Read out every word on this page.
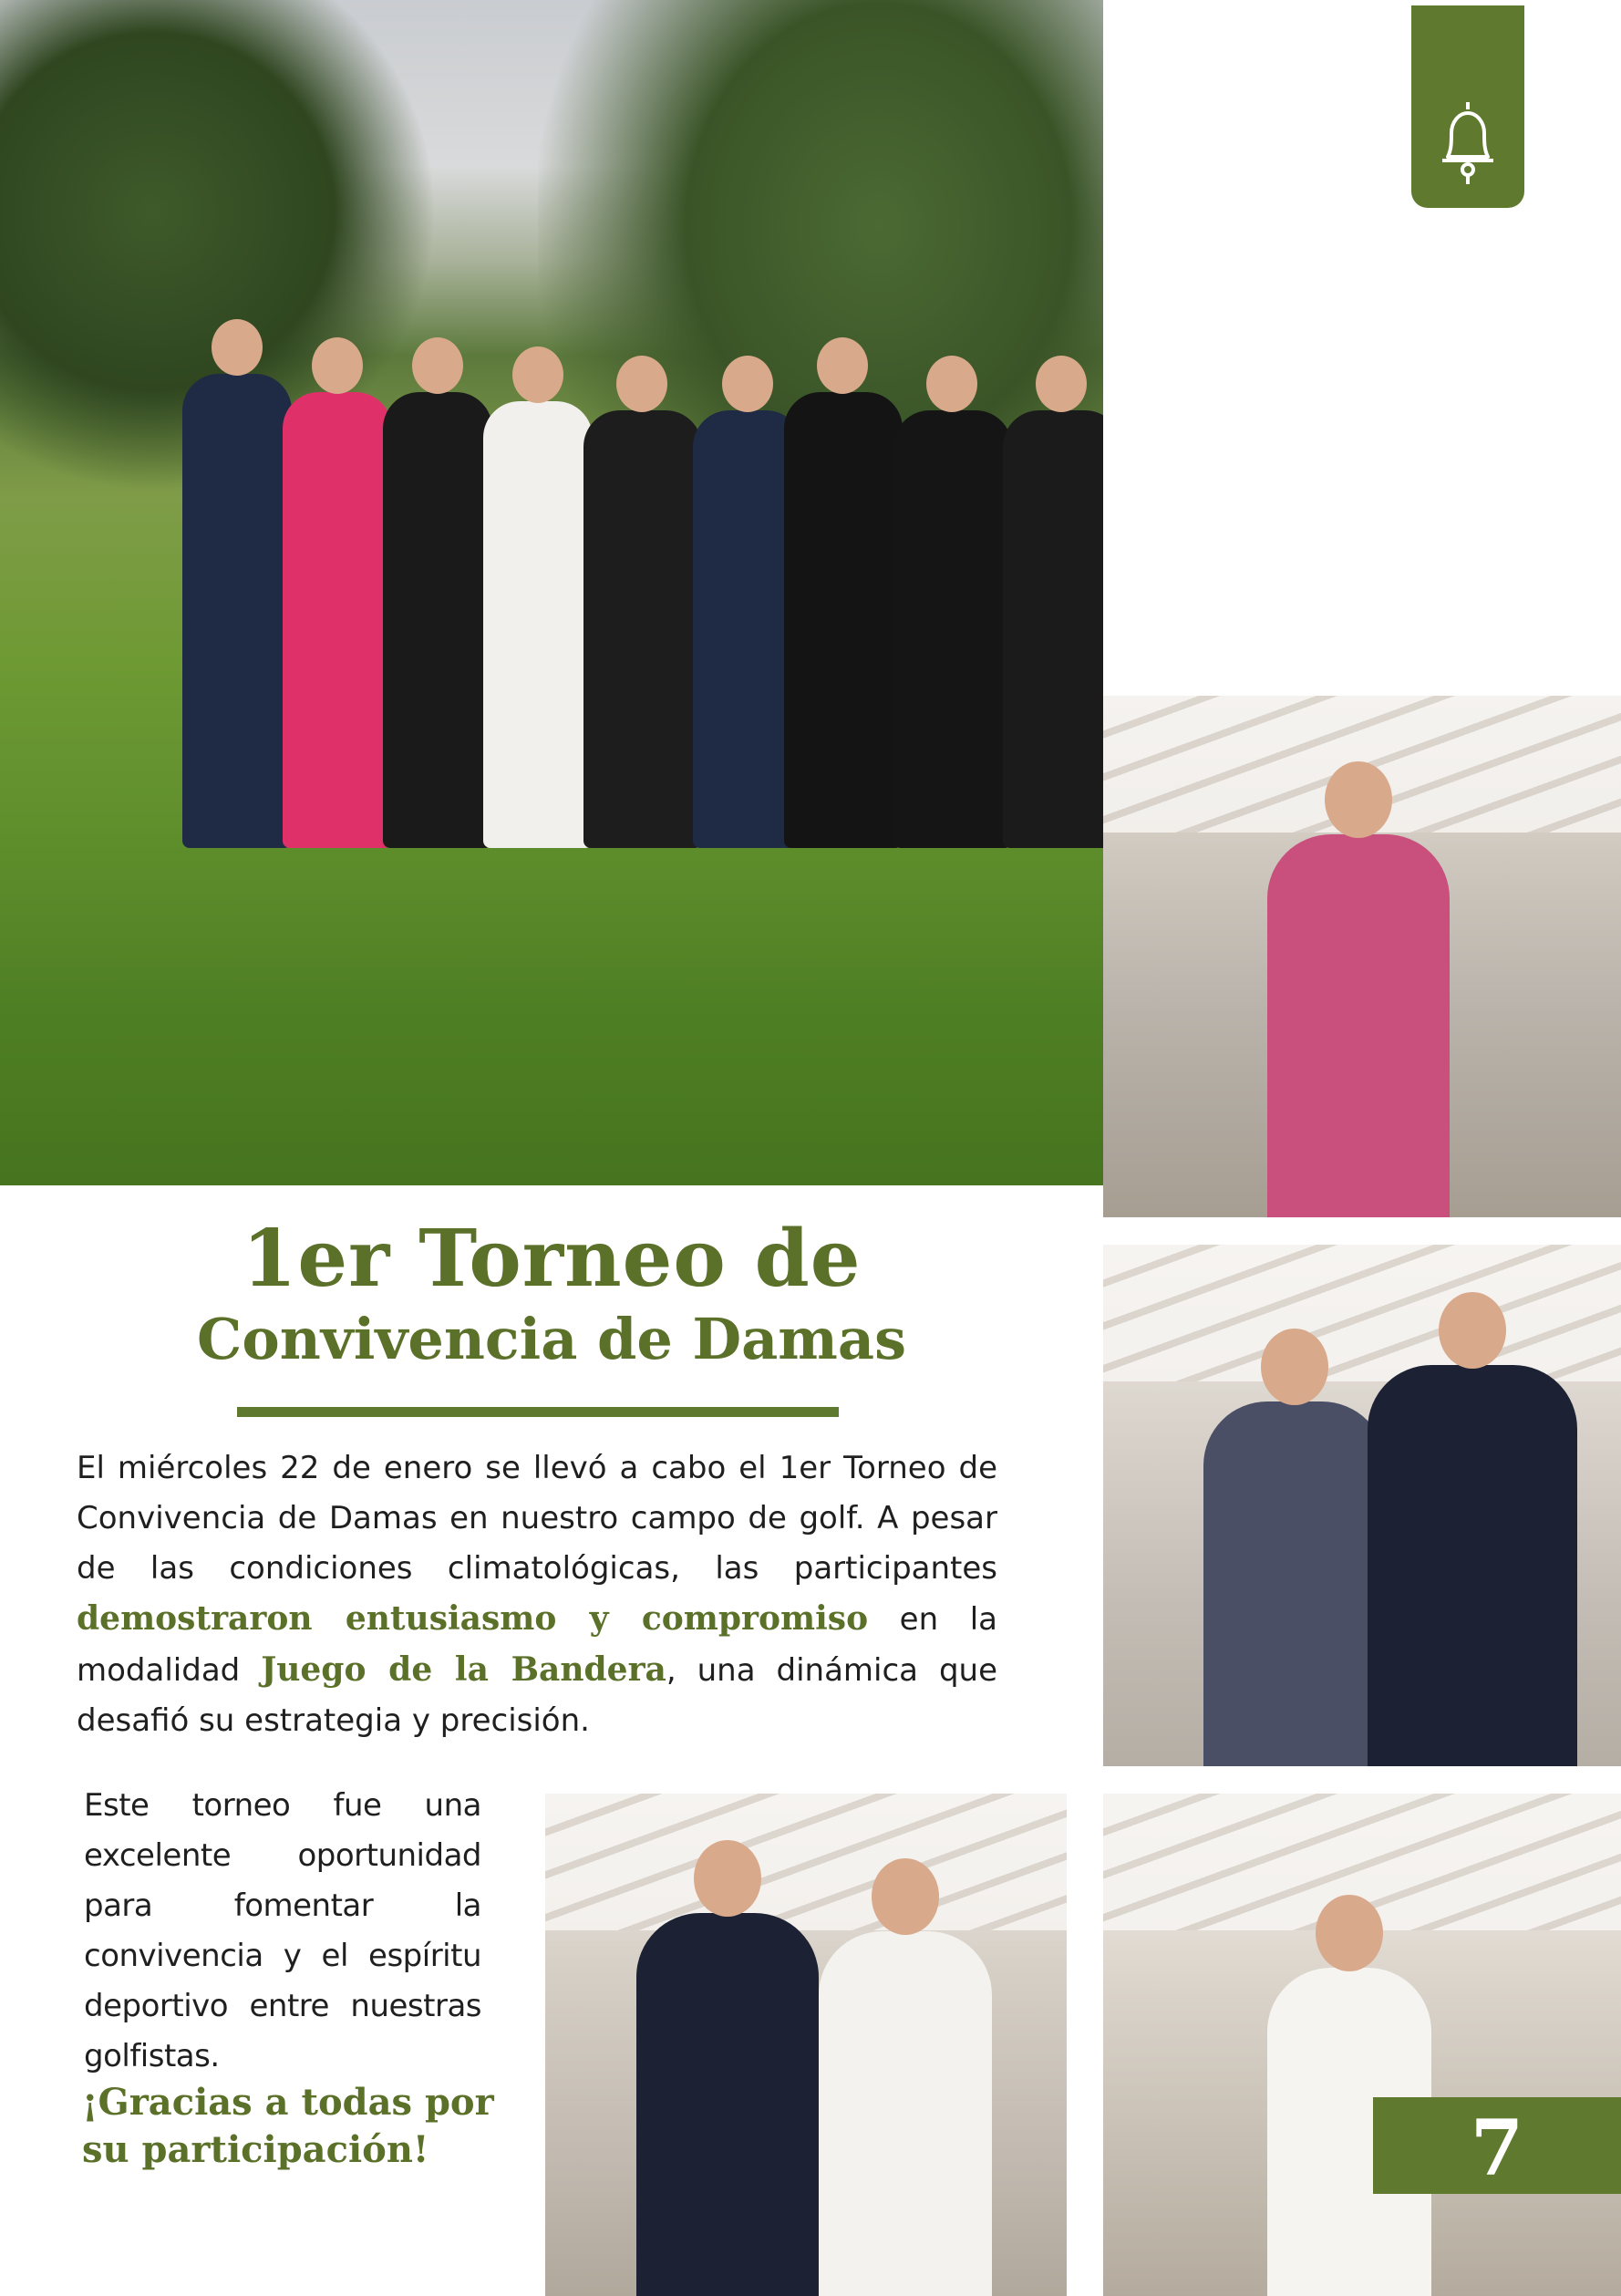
GOLF
1er Torneo de
Convivencia de Damas
El miércoles 22 de enero se llevó a cabo el 1er Torneo de Convivencia de Damas en nuestro campo de golf. A pesar de las condiciones climatológicas, las participantes demostraron entusiasmo y compromiso en la modalidad Juego de la Bandera, una dinámica que desafió su estrategia y precisión.
Este torneo fue una excelente oportunidad para fomentar la convivencia y el espíritu deportivo entre nuestras golfistas.
¡Gracias a todas por su participación!	7
